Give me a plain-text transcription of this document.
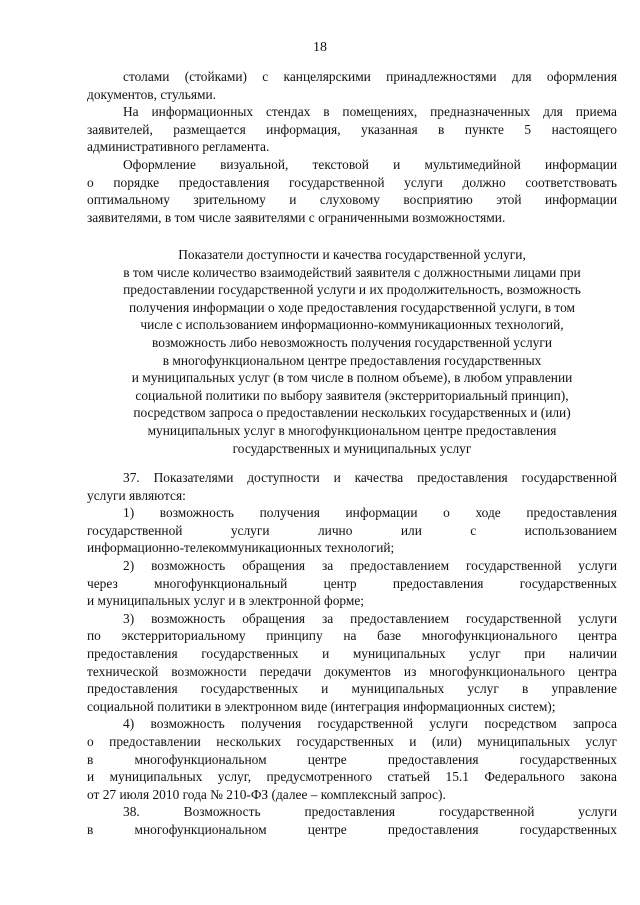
18
столами (стойками) с канцелярскими принадлежностями для оформления
документов, стульями.
На информационных стендах в помещениях, предназначенных для приема
заявителей, размещается информация, указанная в пункте 5 настоящего
административного регламента.
Оформление визуальной, текстовой и мультимедийной информации
о порядке предоставления государственной услуги должно соответствовать
оптимальному зрительному и слуховому восприятию этой информации
заявителями, в том числе заявителями с ограниченными возможностями.
Показатели доступности и качества государственной услуги,
в том числе количество взаимодействий заявителя с должностными лицами при
предоставлении государственной услуги и их продолжительность, возможность
получения информации о ходе предоставления государственной услуги, в том
числе с использованием информационно-коммуникационных технологий,
возможность либо невозможность получения государственной услуги
в многофункциональном центре предоставления государственных
и муниципальных услуг (в том числе в полном объеме), в любом управлении
социальной политики по выбору заявителя (экстерриториальный принцип),
посредством запроса о предоставлении нескольких государственных и (или)
муниципальных услуг в многофункциональном центре предоставления
государственных и муниципальных услуг
37. Показателями доступности и качества предоставления государственной
услуги являются:
1) возможность получения информации о ходе предоставления
государственной услуги лично или с использованием
информационно-телекоммуникационных технологий;
2) возможность обращения за предоставлением государственной услуги
через многофункциональный центр предоставления государственных
и муниципальных услуг и в электронной форме;
3) возможность обращения за предоставлением государственной услуги
по экстерриториальному принципу на базе многофункционального центра
предоставления государственных и муниципальных услуг при наличии
технической возможности передачи документов из многофункционального центра
предоставления государственных и муниципальных услуг в управление
социальной политики в электронном виде (интеграция информационных систем);
4) возможность получения государственной услуги посредством запроса
о предоставлении нескольких государственных и (или) муниципальных услуг
в многофункциональном центре предоставления государственных
и муниципальных услуг, предусмотренного статьей 15.1 Федерального закона
от 27 июля 2010 года № 210-ФЗ (далее – комплексный запрос).
38. Возможность предоставления государственной услуги
в многофункциональном центре предоставления государственных
